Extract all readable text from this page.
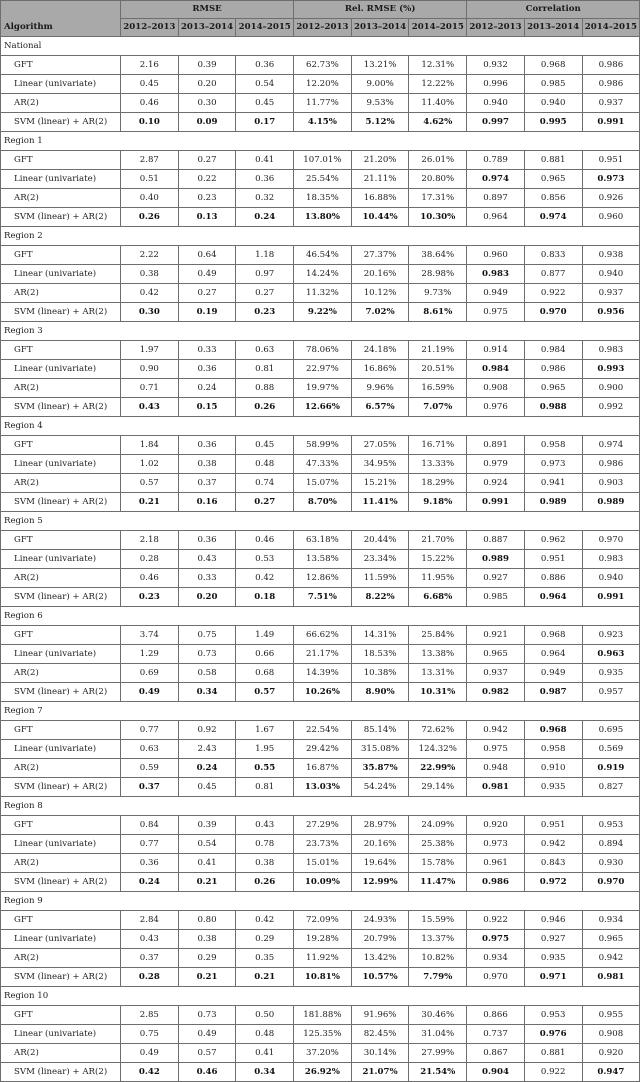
Algorithm	RMSE			Rel. RMSE (%)			Correlation		
	2012–2013	2013–2014	2014–2015	2012–2013	2013–2014	2014–2015	2012–2013	2013–2014	2014–2015
National									
GFT	2.16	0.39	0.36	62.73%	13.21%	12.31%	0.932	0.968	0.986
Linear (univariate)	0.45	0.20	0.54	12.20%	9.00%	12.22%	0.996	0.985	0.986
AR(2)	0.46	0.30	0.45	11.77%	9.53%	11.40%	0.940	0.940	0.937
SVM (linear) + AR(2)	0.10	0.09	0.17	4.15%	5.12%	4.62%	0.997	0.995	0.991
Region 1									
GFT	2.87	0.27	0.41	107.01%	21.20%	26.01%	0.789	0.881	0.951
Linear (univariate)	0.51	0.22	0.36	25.54%	21.11%	20.80%	0.974	0.965	0.973
AR(2)	0.40	0.23	0.32	18.35%	16.88%	17.31%	0.897	0.856	0.926
SVM (linear) + AR(2)	0.26	0.13	0.24	13.80%	10.44%	10.30%	0.964	0.974	0.960
Region 2									
GFT	2.22	0.64	1.18	46.54%	27.37%	38.64%	0.960	0.833	0.938
Linear (univariate)	0.38	0.49	0.97	14.24%	20.16%	28.98%	0.983	0.877	0.940
AR(2)	0.42	0.27	0.27	11.32%	10.12%	9.73%	0.949	0.922	0.937
SVM (linear) + AR(2)	0.30	0.19	0.23	9.22%	7.02%	8.61%	0.975	0.970	0.956
Region 3									
GFT	1.97	0.33	0.63	78.06%	24.18%	21.19%	0.914	0.984	0.983
Linear (univariate)	0.90	0.36	0.81	22.97%	16.86%	20.51%	0.984	0.986	0.993
AR(2)	0.71	0.24	0.88	19.97%	9.96%	16.59%	0.908	0.965	0.900
SVM (linear) + AR(2)	0.43	0.15	0.26	12.66%	6.57%	7.07%	0.976	0.988	0.992
Region 4									
GFT	1.84	0.36	0.45	58.99%	27.05%	16.71%	0.891	0.958	0.974
Linear (univariate)	1.02	0.38	0.48	47.33%	34.95%	13.33%	0.979	0.973	0.986
AR(2)	0.57	0.37	0.74	15.07%	15.21%	18.29%	0.924	0.941	0.903
SVM (linear) + AR(2)	0.21	0.16	0.27	8.70%	11.41%	9.18%	0.991	0.989	0.989
Region 5									
GFT	2.18	0.36	0.46	63.18%	20.44%	21.70%	0.887	0.962	0.970
Linear (univariate)	0.28	0.43	0.53	13.58%	23.34%	15.22%	0.989	0.951	0.983
AR(2)	0.46	0.33	0.42	12.86%	11.59%	11.95%	0.927	0.886	0.940
SVM (linear) + AR(2)	0.23	0.20	0.18	7.51%	8.22%	6.68%	0.985	0.964	0.991
Region 6									
GFT	3.74	0.75	1.49	66.62%	14.31%	25.84%	0.921	0.968	0.923
Linear (univariate)	1.29	0.73	0.66	21.17%	18.53%	13.38%	0.965	0.964	0.963
AR(2)	0.69	0.58	0.68	14.39%	10.38%	13.31%	0.937	0.949	0.935
SVM (linear) + AR(2)	0.49	0.34	0.57	10.26%	8.90%	10.31%	0.982	0.987	0.957
Region 7									
GFT	0.77	0.92	1.67	22.54%	85.14%	72.62%	0.942	0.968	0.695
Linear (univariate)	0.63	2.43	1.95	29.42%	315.08%	124.32%	0.975	0.958	0.569
AR(2)	0.59	0.24	0.55	16.87%	35.87%	22.99%	0.948	0.910	0.919
SVM (linear) + AR(2)	0.37	0.45	0.81	13.03%	54.24%	29.14%	0.981	0.935	0.827
Region 8									
GFT	0.84	0.39	0.43	27.29%	28.97%	24.09%	0.920	0.951	0.953
Linear (univariate)	0.77	0.54	0.78	23.73%	20.16%	25.38%	0.973	0.942	0.894
AR(2)	0.36	0.41	0.38	15.01%	19.64%	15.78%	0.961	0.843	0.930
SVM (linear) + AR(2)	0.24	0.21	0.26	10.09%	12.99%	11.47%	0.986	0.972	0.970
Region 9									
GFT	2.84	0.80	0.42	72.09%	24.93%	15.59%	0.922	0.946	0.934
Linear (univariate)	0.43	0.38	0.29	19.28%	20.79%	13.37%	0.975	0.927	0.965
AR(2)	0.37	0.29	0.35	11.92%	13.42%	10.82%	0.934	0.935	0.942
SVM (linear) + AR(2)	0.28	0.21	0.21	10.81%	10.57%	7.79%	0.970	0.971	0.981
Region 10									
GFT	2.85	0.73	0.50	181.88%	91.96%	30.46%	0.866	0.953	0.955
Linear (univariate)	0.75	0.49	0.48	125.35%	82.45%	31.04%	0.737	0.976	0.908
AR(2)	0.49	0.57	0.41	37.20%	30.14%	27.99%	0.867	0.881	0.920
SVM (linear) + AR(2)	0.42	0.46	0.34	26.92%	21.07%	21.54%	0.904	0.922	0.947
